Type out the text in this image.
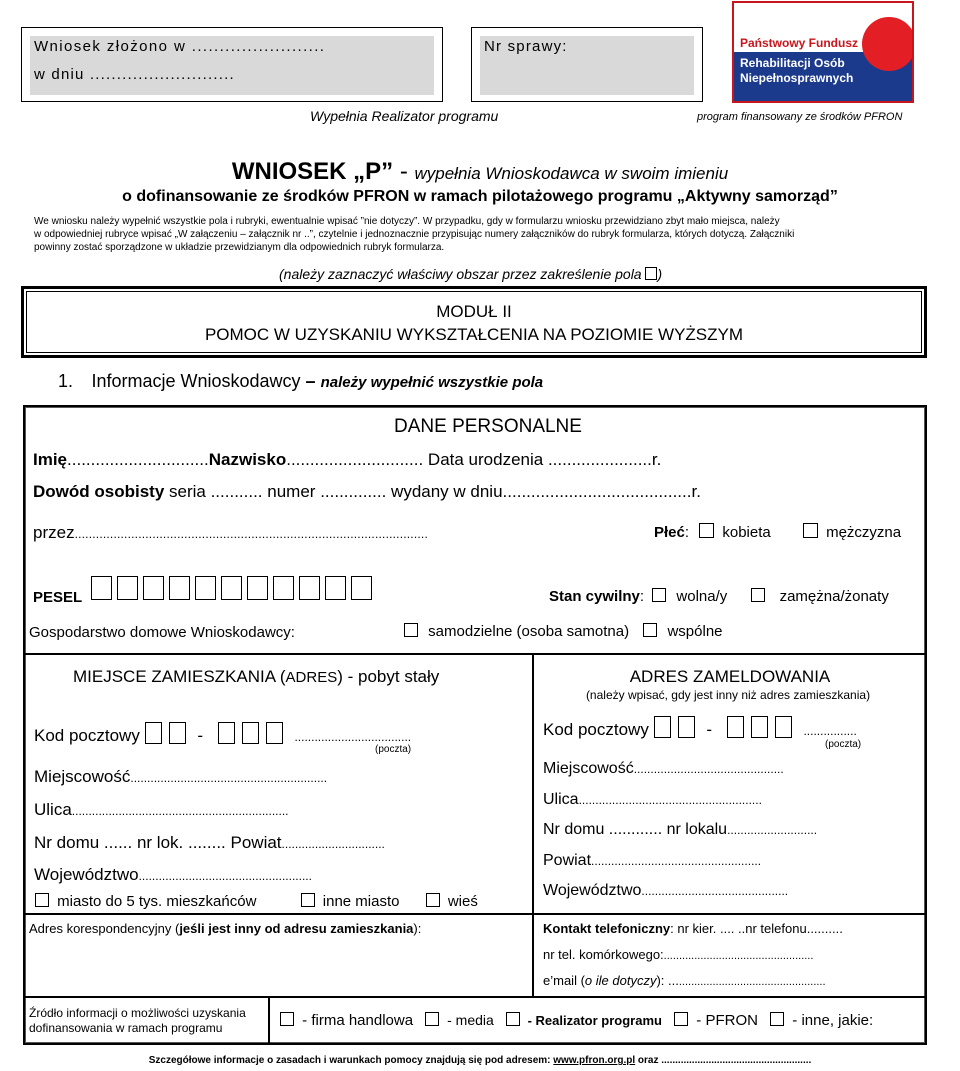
Wniosek złożono w ........................
w dniu ...........................
Nr sprawy:
Wypełnia Realizator programu
Państwowy Fundusz
Rehabilitacji Osób
Niepełnosprawnych
program finansowany ze środków PFRON
WNIOSEK „P” - wypełnia Wnioskodawca w swoim imieniu
o dofinansowanie ze środków PFRON w ramach pilotażowego programu „Aktywny samorząd”
We wniosku należy wypełnić wszystkie pola i rubryki, ewentualnie wpisać ”nie dotyczy”. W przypadku, gdy w formularzu wniosku przewidziano zbyt mało miejsca, należy
w odpowiedniej rubryce wpisać „W załączeniu – załącznik nr ..”, czytelnie i jednoznacznie przypisując numery załączników do rubryk formularza, których dotyczą. Załączniki
powinny zostać sporządzone w układzie przewidzianym dla odpowiednich rubryk formularza.
(należy zaznaczyć właściwy obszar przez zakreślenie pola )
MODUŁ II
POMOC W UZYSKANIU WYKSZTAŁCENIA NA POZIOMIE WYŻSZYM
1. Informacje Wnioskodawcy – należy wypełnić wszystkie pola
DANE PERSONALNE
Imię..............................Nazwisko............................. Data urodzenia ......................r.
Dowód osobisty seria ........... numer .............. wydany w dniu........................................r.
przez....................................................................................................	Płeć: kobieta	mężczyzna
PESEL	Stan cywilny: wolna/y	zamężna/żonaty
Gospodarstwo domowe Wnioskodawcy:	samodzielne (osoba samotna)	wspólne
MIEJSCE ZAMIESZKANIA (ADRES) - pobyt stały
Kod pocztowy	-	...................................
(poczta)
Miejscowość...........................................................
Ulica.................................................................
Nr domu ...... nr lok. ........ Powiat...............................
Województwo....................................................
miasto do 5 tys. mieszkańców	inne miasto	wieś
ADRES ZAMELDOWANIA
(należy wpisać, gdy jest inny niż adres zamieszkania)
Kod pocztowy	-	................
(poczta)
Miejscowość.............................................
Ulica.......................................................
Nr domu ............ nr lokalu...........................
Powiat...................................................
Województwo............................................
Adres korespondencyjny (jeśli jest inny od adresu zamieszkania):	Kontakt telefoniczny: nr kier. .... ..nr telefonu..........
nr tel. komórkowego:.................................................
e’mail (o ile dotyczy): ...................................................
Źródło informacji o możliwości uzyskania
dofinansowania w ramach programu	- firma handlowa  - media  - Realizator programu  - PFRON  - inne, jakie:
Szczegółowe informacje o zasadach i warunkach pomocy znajdują się pod adresem: www.pfron.org.pl oraz ......................................................
